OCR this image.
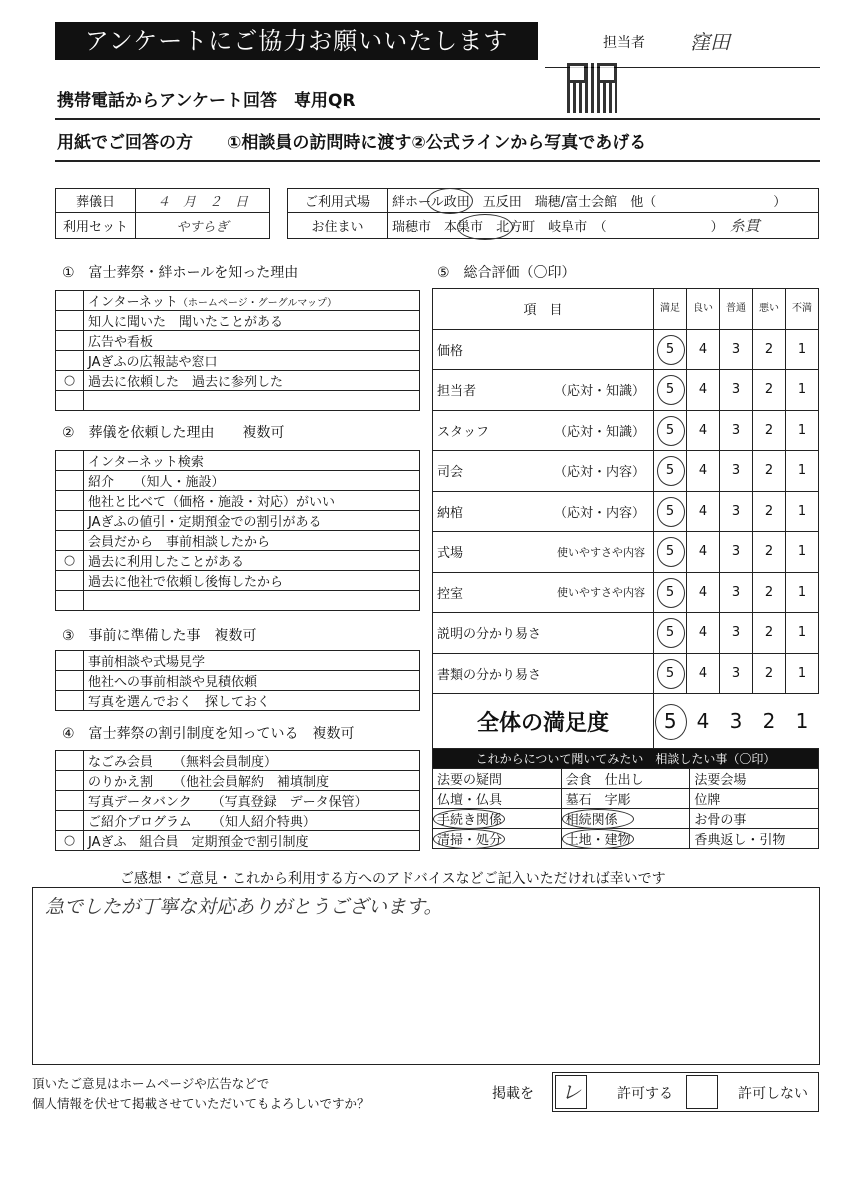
アンケートにご協力お願いいたします	担当者 窪田
携帯電話からアンケート回答　専用QR
用紙でご回答の方　　①相談員の訪問時に渡す②公式ラインから写真であげる
葬儀日	４　月　２　日
利用セット	やすらぎ
ご利用式場	絆ホール政田　 五反田　 瑞穂/富士会館　 他（　　　　　　　　　）
お住まい	瑞穂市　 本巣市　 北方町　 岐阜市　 （　　　　　　　　） 糸貫
①　富士葬祭・絆ホールを知った理由
	インターネット（ホームページ・グーグルマップ）
	知人に聞いた　聞いたことがある
	広告や看板
	JAぎふの広報誌や窓口
○	過去に依頼した　過去に参列した

②　葬儀を依頼した理由　　複数可
	インターネット検索
	紹介　　（知人・施設）
	他社と比べて（価格・施設・対応）がいい
	JAぎふの値引・定期預金での割引がある
	会員だから　事前相談したから
○	過去に利用したことがある
	過去に他社で依頼し後悔したから

③　事前に準備した事　複数可
	事前相談や式場見学
	他社への事前相談や見積依頼
	写真を選んでおく　探しておく
④　富士葬祭の割引制度を知っている　複数可
	なごみ会員 （無料会員制度）
	のりかえ割 （他社会員解約　補填制度
	写真データバンク （写真登録　データ保管）
	ご紹介プログラム （知人紹介特典）
○	JAぎふ　組合員　定期預金で割引制度
⑤　総合評価（〇印）
項　目	満足	良い	普通	悪い	不満

価格	5	4	3	2	1

担当者 （応対・知識）	5	4	3	2	1

スタッフ （応対・知識）	5	4	3	2	1

司会 （応対・内容）	5	4	3	2	1

納棺 （応対・内容）	5	4	3	2	1

式場 使いやすさや内容	5	4	3	2	1

控室 使いやすさや内容	5	4	3	2	1

説明の分かり易さ	5	4	3	2	1

書類の分かり易さ	5	4	3	2	1
全体の満足度	5	4	3	2	1
これからについて聞いてみたい　相談したい事（〇印）		
法要の疑問	会食　仕出し	法要会場
仏壇・仏具	墓石　字彫	位牌
手続き関係	相続関係	お骨の事
清掃・処分	土地・建物	香典返し・引物
ご感想・ご意見・これから利用する方へのアドバイスなどご記入いただければ幸いです
急でしたが丁寧な対応ありがとうございます。
頂いたご意見はホームページや広告などで
個人情報を伏せて掲載させていただいてもよろしいですか？
掲載を	レ	許可する	許可しない
